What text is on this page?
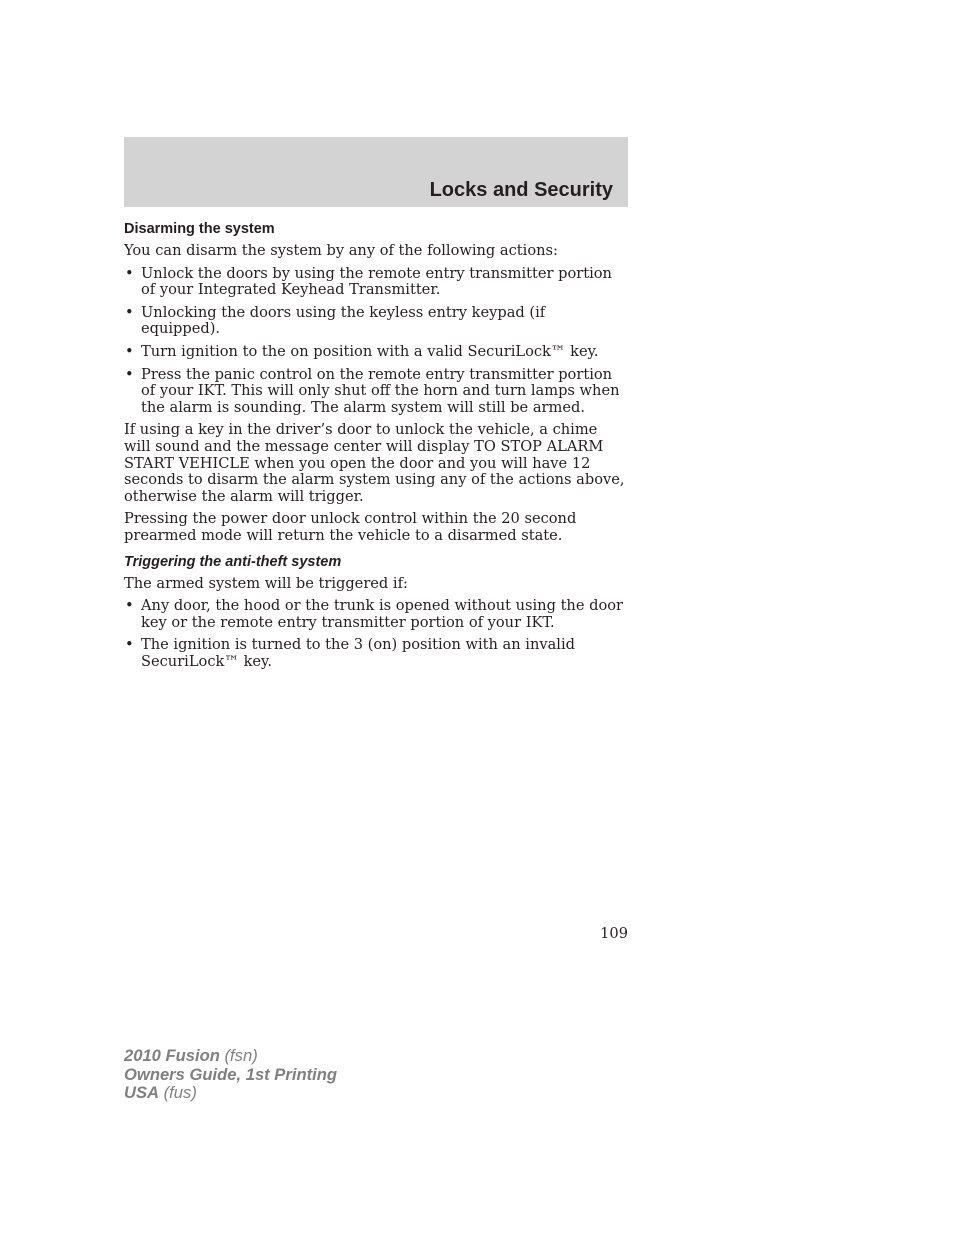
Locks and Security
Disarming the system

You can disarm the system by any of the following actions:

• Unlock the doors by using the remote entry transmitter portion of your Integrated Keyhead Transmitter.
• Unlocking the doors using the keyless entry keypad (if equipped).
• Turn ignition to the on position with a valid SecuriLock™ key.
• Press the panic control on the remote entry transmitter portion of your IKT. This will only shut off the horn and turn lamps when the alarm is sounding. The alarm system will still be armed.

If using a key in the driver’s door to unlock the vehicle, a chime will sound and the message center will display TO STOP ALARM START VEHICLE when you open the door and you will have 12 seconds to disarm the alarm system using any of the actions above, otherwise the alarm will trigger.

Pressing the power door unlock control within the 20 second prearmed mode will return the vehicle to a disarmed state.

Triggering the anti-theft system

The armed system will be triggered if:

• Any door, the hood or the trunk is opened without using the door key or the remote entry transmitter portion of your IKT.
• The ignition is turned to the 3 (on) position with an invalid SecuriLock™ key.
109
2010 Fusion (fsn)
Owners Guide, 1st Printing
USA (fus)
